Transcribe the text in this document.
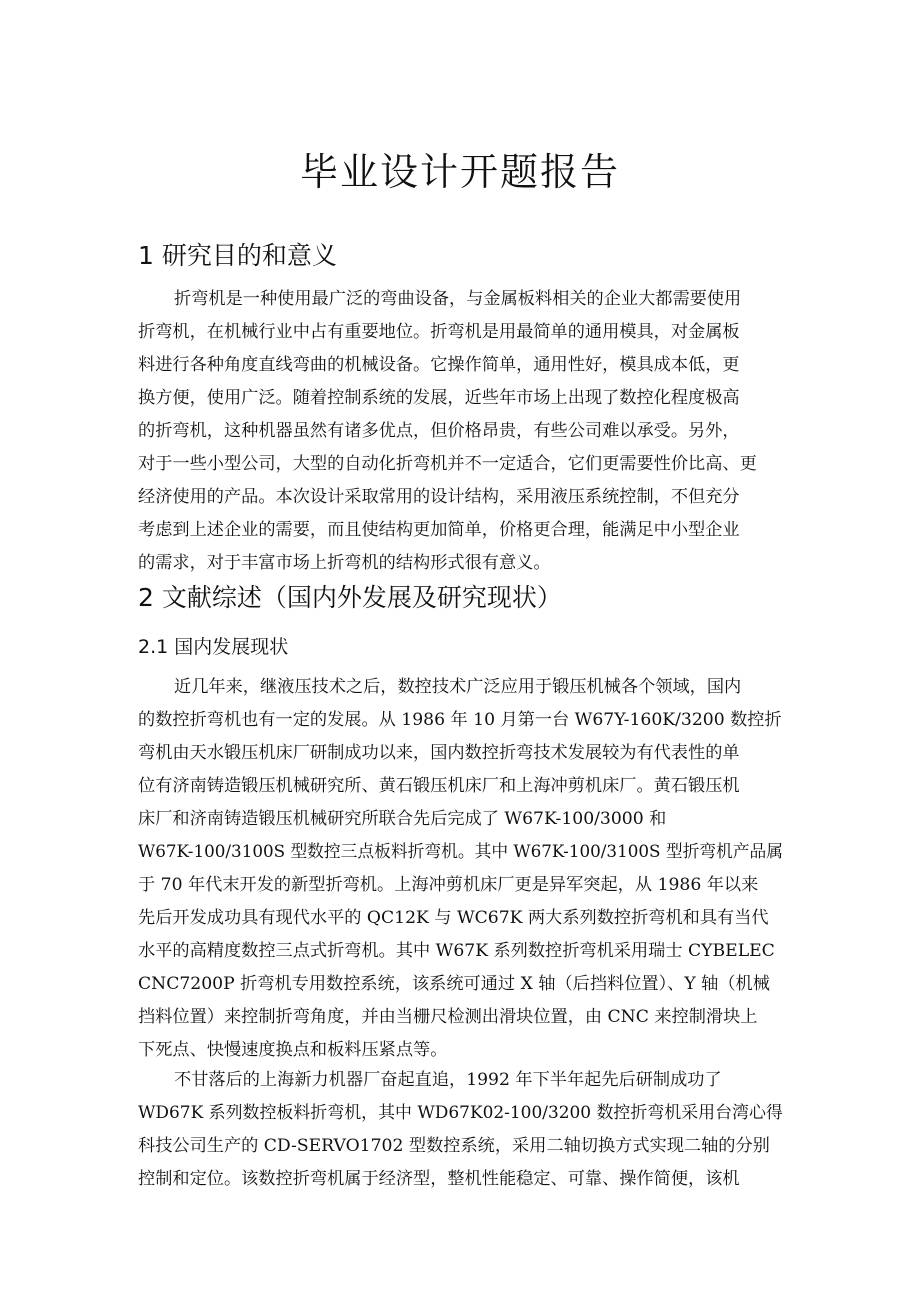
毕业设计开题报告
1 研究目的和意义
折弯机是一种使用最广泛的弯曲设备，与金属板料相关的企业大都需要使用
折弯机，在机械行业中占有重要地位。折弯机是用最简单的通用模具，对金属板
料进行各种角度直线弯曲的机械设备。它操作简单，通用性好，模具成本低，更
换方便，使用广泛。随着控制系统的发展，近些年市场上出现了数控化程度极高
的折弯机，这种机器虽然有诸多优点，但价格昂贵，有些公司难以承受。另外，
对于一些小型公司，大型的自动化折弯机并不一定适合，它们更需要性价比高、更
经济使用的产品。本次设计采取常用的设计结构，采用液压系统控制，不但充分
考虑到上述企业的需要，而且使结构更加简单，价格更合理，能满足中小型企业
的需求，对于丰富市场上折弯机的结构形式很有意义。
2 文献综述（国内外发展及研究现状）
2.1 国内发展现状
近几年来，继液压技术之后，数控技术广泛应用于锻压机械各个领域，国内
的数控折弯机也有一定的发展。从 1986 年 10 月第一台 W67Y-160K/3200 数控折
弯机由天水锻压机床厂研制成功以来，国内数控折弯技术发展较为有代表性的单
位有济南铸造锻压机械研究所、黄石锻压机床厂和上海冲剪机床厂。黄石锻压机
床厂和济南铸造锻压机械研究所联合先后完成了 W67K-100/3000 和
W67K-100/3100S 型数控三点板料折弯机。其中 W67K-100/3100S 型折弯机产品属
于 70 年代末开发的新型折弯机。上海冲剪机床厂更是异军突起，从 1986 年以来
先后开发成功具有现代水平的 QC12K 与 WC67K 两大系列数控折弯机和具有当代
水平的高精度数控三点式折弯机。其中 W67K 系列数控折弯机采用瑞士 CYBELEC
CNC7200P 折弯机专用数控系统，该系统可通过 X 轴（后挡料位置）、Y 轴（机械
挡料位置）来控制折弯角度，并由当栅尺检测出滑块位置，由 CNC 来控制滑块上
下死点、快慢速度换点和板料压紧点等。
不甘落后的上海新力机器厂奋起直追，1992 年下半年起先后研制成功了
WD67K 系列数控板料折弯机，其中 WD67K02-100/3200 数控折弯机采用台湾心得
科技公司生产的 CD-SERVO1702 型数控系统，采用二轴切换方式实现二轴的分别
控制和定位。该数控折弯机属于经济型，整机性能稳定、可靠、操作简便，该机
